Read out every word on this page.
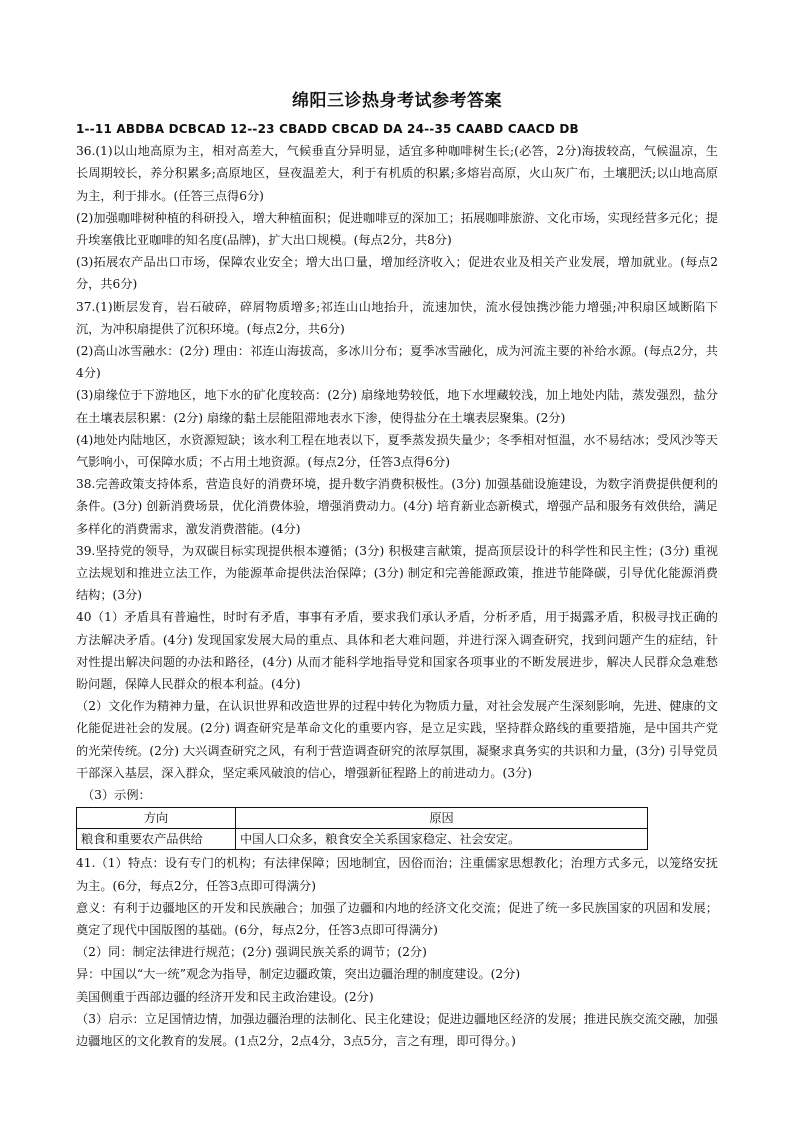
绵阳三诊热身考试参考答案

1--11 ABDBA DCBCAD 12--23 CBADD CBCAD DA 24--35 CAABD CAACD DB

36.(1)以山地高原为主，相对高差大，气候垂直分异明显，适宜多种咖啡树生长;(必答，2分)海拔较高，气候温凉，生长周期较长，养分积累多;高原地区，昼夜温差大，利于有机质的积累;多熔岩高原，火山灰广布，土壤肥沃;以山地高原为主，利于排水。(任答三点得6分)

(2)加强咖啡树种植的科研投入，增大种植面积；促进咖啡豆的深加工；拓展咖啡旅游、文化市场，实现经营多元化；提升埃塞俄比亚咖啡的知名度(品牌)，扩大出口规模。(每点2分，共8分)

(3)拓展农产品出口市场，保障农业安全；增大出口量，增加经济收入；促进农业及相关产业发展，增加就业。(每点2分，共6分)

37.(1)断层发育，岩石破碎，碎屑物质增多;祁连山山地抬升，流速加快，流水侵蚀携沙能力增强;冲积扇区域断陷下沉，为冲积扇提供了沉积环境。(每点2分，共6分)

(2)高山冰雪融水：(2分) 理由：祁连山海拔高，多冰川分布；夏季冰雪融化，成为河流主要的补给水源。(每点2分，共4分)

(3)扇缘位于下游地区，地下水的矿化度较高：(2分) 扇缘地势较低，地下水埋藏较浅，加上地处内陆，蒸发强烈，盐分在土壤表层积累：(2分) 扇缘的黏土层能阻滞地表水下渗，使得盐分在土壤表层聚集。(2分)

(4)地处内陆地区，水资源短缺；该水利工程在地表以下，夏季蒸发损失量少；冬季相对恒温，水不易结冰；受风沙等天气影响小，可保障水质；不占用土地资源。(每点2分，任答3点得6分)

38.完善政策支持体系，营造良好的消费环境，提升数字消费积极性。(3分) 加强基础设施建设，为数字消费提供便利的条件。(3分) 创新消费场景，优化消费体验，增强消费动力。(4分) 培育新业态新模式，增强产品和服务有效供给，满足多样化的消费需求，激发消费潜能。(4分)

39.坚持党的领导，为双碳目标实现提供根本遵循；(3分) 积极建言献策，提高顶层设计的科学性和民主性；(3分) 重视立法规划和推进立法工作，为能源革命提供法治保障；(3分) 制定和完善能源政策，推进节能降碳，引导优化能源消费结构；(3分)

40（1）矛盾具有普遍性，时时有矛盾，事事有矛盾，要求我们承认矛盾，分析矛盾，用于揭露矛盾，积极寻找正确的方法解决矛盾。(4分) 发现国家发展大局的重点、具体和老大难问题，并进行深入调查研究，找到问题产生的症结，针对性提出解决问题的办法和路径，(4分) 从而才能科学地指导党和国家各项事业的不断发展进步，解决人民群众急难愁盼问题，保障人民群众的根本利益。(4分)

（2）文化作为精神力量，在认识世界和改造世界的过程中转化为物质力量，对社会发展产生深刻影响，先进、健康的文化能促进社会的发展。(2分) 调查研究是革命文化的重要内容，是立足实践，坚持群众路线的重要措施，是中国共产党的光荣传统。(2分) 大兴调查研究之风，有利于营造调查研究的浓厚氛围，凝聚求真务实的共识和力量，(3分) 引导党员干部深入基层，深入群众，坚定乘风破浪的信心，增强新征程路上的前进动力。(3分)

（3）示例：

方向	原因
粮食和重要农产品供给	中国人口众多，粮食安全关系国家稳定、社会安定。

41.（1）特点：设有专门的机构；有法律保障；因地制宜，因俗而治；注重儒家思想教化；治理方式多元，以笼络安抚为主。(6分，每点2分，任答3点即可得满分)

意义：有利于边疆地区的开发和民族融合；加强了边疆和内地的经济文化交流；促进了统一多民族国家的巩固和发展；奠定了现代中国版图的基础。(6分，每点2分，任答3点即可得满分)

（2）同：制定法律进行规范；(2分) 强调民族关系的调节；(2分)

异：中国以“大一统”观念为指导，制定边疆政策，突出边疆治理的制度建设。(2分)

美国侧重于西部边疆的经济开发和民主政治建设。(2分)

（3）启示：立足国情边情，加强边疆治理的法制化、民主化建设；促进边疆地区经济的发展；推进民族交流交融，加强边疆地区的文化教育的发展。(1点2分，2点4分，3点5分，言之有理，即可得分。)
